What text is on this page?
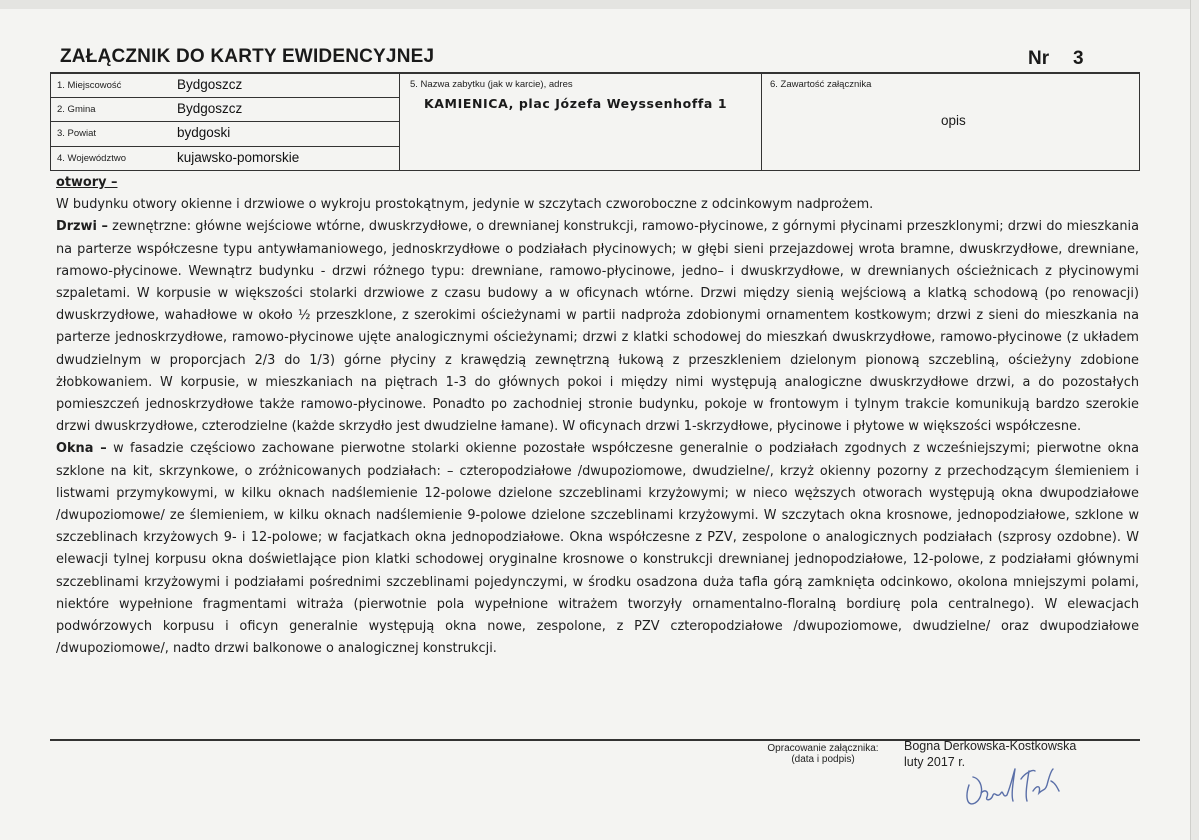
ZAŁĄCZNIK DO KARTY EWIDENCYJNEJ	Nr 3
1. Miejscowość	Bydgoszcz
2. Gmina	Bydgoszcz
3. Powiat	bydgoski
4. Województwo	kujawsko-pomorskie
5. Nazwa zabytku (jak w karcie), adres
KAMIENICA, plac Józefa Weyssenhoffa 1
6. Zawartość załącznika
opis

otwory –

W budynku otwory okienne i drzwiowe o wykroju prostokątnym, jedynie w szczytach czworoboczne z odcinkowym nadprożem.

Drzwi – zewnętrzne: główne wejściowe wtórne, dwuskrzydłowe, o drewnianej konstrukcji, ramowo-płycinowe, z górnymi płycinami przeszklonymi; drzwi do mieszkania na parterze współczesne typu antywłamaniowego, jednoskrzydłowe o podziałach płycinowych; w głębi sieni przejazdowej wrota bramne, dwuskrzydłowe, drewniane, ramowo-płycinowe. Wewnątrz budynku - drzwi różnego typu: drewniane, ramowo-płycinowe, jedno– i dwuskrzydłowe, w drewnianych ościeżnicach z płycinowymi szpaletami. W korpusie w większości stolarki drzwiowe z czasu budowy a w oficynach wtórne. Drzwi między sienią wejściową a klatką schodową (po renowacji) dwuskrzydłowe, wahadłowe w około ½ przeszklone, z szerokimi ościeżynami w partii nadproża zdobionymi ornamentem kostkowym; drzwi z sieni do mieszkania na parterze jednoskrzydłowe, ramowo-płycinowe ujęte analogicznymi ościeżynami; drzwi z klatki schodowej do mieszkań dwuskrzydłowe, ramowo-płycinowe (z układem dwudzielnym w proporcjach 2/3 do 1/3) górne płyciny z krawędzią zewnętrzną łukową z przeszkleniem dzielonym pionową szczebliną, ościeżyny zdobione żłobkowaniem. W korpusie, w mieszkaniach na piętrach 1-3 do głównych pokoi i między nimi występują analogiczne dwuskrzydłowe drzwi, a do pozostałych pomieszczeń jednoskrzydłowe także ramowo-płycinowe. Ponadto po zachodniej stronie budynku, pokoje w frontowym i tylnym trakcie komunikują bardzo szerokie drzwi dwuskrzydłowe, czterodzielne (każde skrzydło jest dwudzielne łamane). W oficynach drzwi 1-skrzydłowe, płycinowe i płytowe w większości współczesne.

Okna – w fasadzie częściowo zachowane pierwotne stolarki okienne pozostałe współczesne generalnie o podziałach zgodnych z wcześniejszymi; pierwotne okna szklone na kit, skrzynkowe, o zróżnicowanych podziałach: – czteropodziałowe /dwupoziomowe, dwudzielne/, krzyż okienny pozorny z przechodzącym ślemieniem i listwami przymykowymi, w kilku oknach nadślemienie 12-polowe dzielone szczeblinami krzyżowymi; w nieco węższych otworach występują okna dwupodziałowe /dwupoziomowe/ ze ślemieniem, w kilku oknach nadślemienie 9-polowe dzielone szczeblinami krzyżowymi. W szczytach okna krosnowe, jednopodziałowe, szklone w szczeblinach krzyżowych 9- i 12-polowe; w facjatkach okna jednopodziałowe. Okna współczesne z PZV, zespolone o analogicznych podziałach (szprosy ozdobne). W elewacji tylnej korpusu okna doświetlające pion klatki schodowej oryginalne krosnowe o konstrukcji drewnianej jednopodziałowe, 12-polowe, z podziałami głównymi szczeblinami krzyżowymi i podziałami pośrednimi szczeblinami pojedynczymi, w środku osadzona duża tafla górą zamknięta odcinkowo, okolona mniejszymi polami, niektóre wypełnione fragmentami witraża (pierwotnie pola wypełnione witrażem tworzyły ornamentalno-floralną bordiurę pola centralnego). W elewacjach podwórzowych korpusu i oficyn generalnie występują okna nowe, zespolone, z PZV czteropodziałowe /dwupoziomowe, dwudzielne/ oraz dwupodziałowe /dwupoziomowe/, nadto drzwi balkonowe o analogicznej konstrukcji.

Opracowanie załącznika:
(data i podpis)
Bogna Derkowska-Kostkowska
luty 2017 r.
